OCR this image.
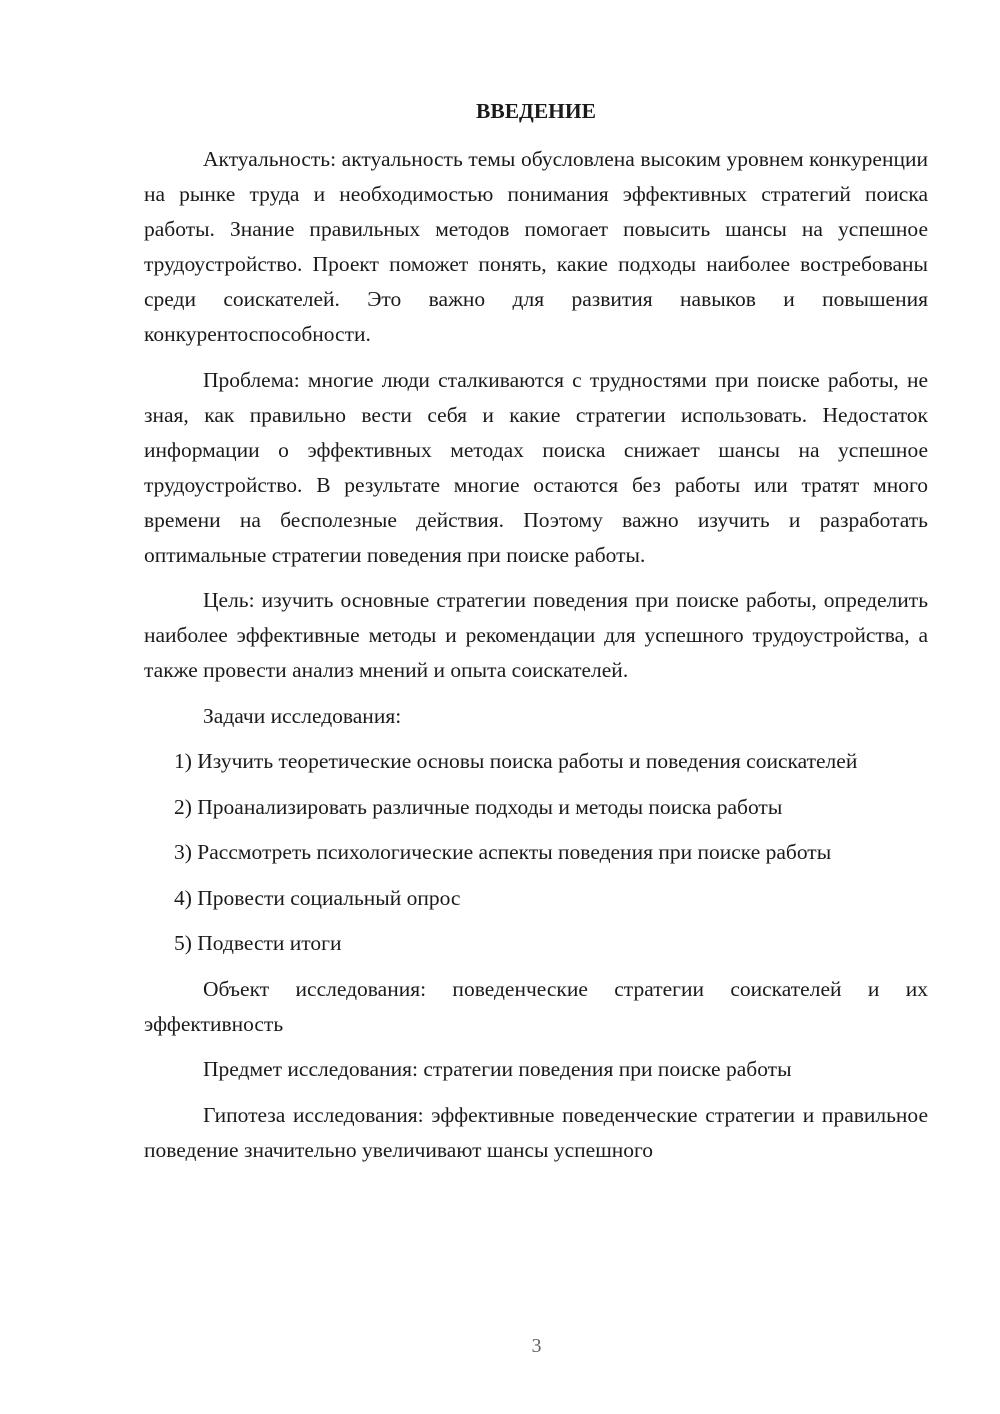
ВВЕДЕНИЕ

Актуальность: актуальность темы обусловлена высоким уровнем конкуренции на рынке труда и необходимостью понимания эффективных стратегий поиска работы. Знание правильных методов помогает повысить шансы на успешное трудоустройство. Проект поможет понять, какие подходы наиболее востребованы среди соискателей. Это важно для развития навыков и повышения конкурентоспособности.

Проблема: многие люди сталкиваются с трудностями при поиске работы, не зная, как правильно вести себя и какие стратегии использовать. Недостаток информации о эффективных методах поиска снижает шансы на успешное трудоустройство. В результате многие остаются без работы или тратят много времени на бесполезные действия. Поэтому важно изучить и разработать оптимальные стратегии поведения при поиске работы.

Цель: изучить основные стратегии поведения при поиске работы, определить наиболее эффективные методы и рекомендации для успешного трудоустройства, а также провести анализ мнений и опыта соискателей.

Задачи исследования:

1) Изучить теоретические основы поиска работы и поведения соискателей

2) Проанализировать различные подходы и методы поиска работы

3) Рассмотреть психологические аспекты поведения при поиске работы

4) Провести социальный опрос

5) Подвести итоги

Объект исследования: поведенческие стратегии соискателей и их эффективность

Предмет исследования: стратегии поведения при поиске работы

Гипотеза исследования: эффективные поведенческие стратегии и правильное поведение значительно увеличивают шансы успешного

3
